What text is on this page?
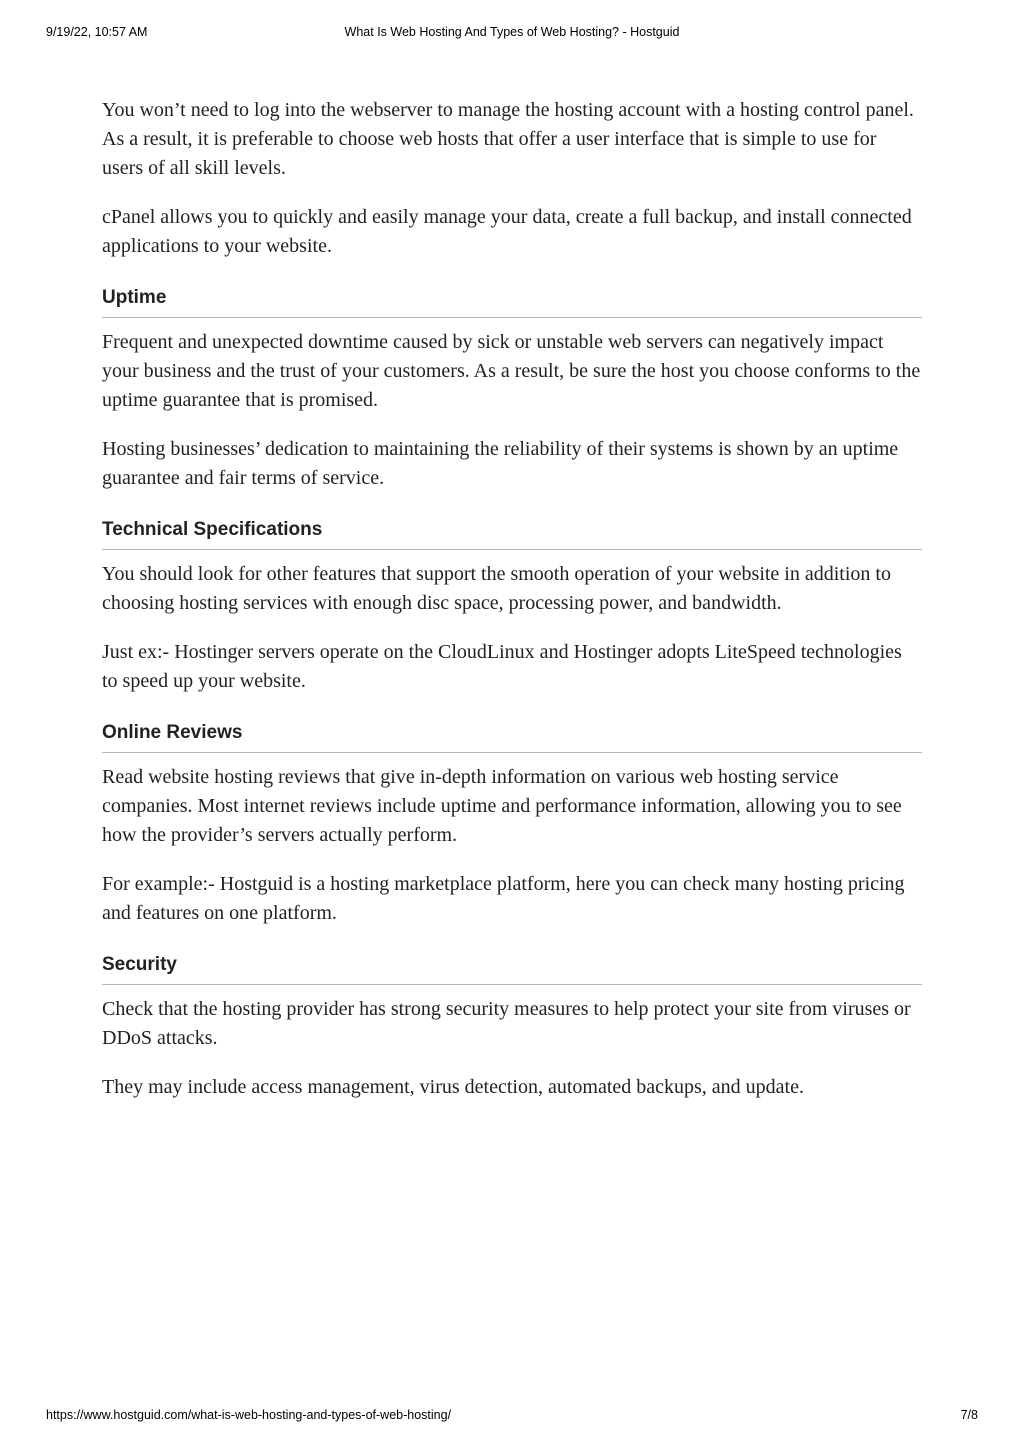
9/19/22, 10:57 AM	What Is Web Hosting And Types of Web Hosting? - Hostguid

You won’t need to log into the webserver to manage the hosting account with a hosting control panel. As a result, it is preferable to choose web hosts that offer a user interface that is simple to use for users of all skill levels.

cPanel allows you to quickly and easily manage your data, create a full backup, and install connected applications to your website.

Uptime

Frequent and unexpected downtime caused by sick or unstable web servers can negatively impact your business and the trust of your customers. As a result, be sure the host you choose conforms to the uptime guarantee that is promised.

Hosting businesses’ dedication to maintaining the reliability of their systems is shown by an uptime guarantee and fair terms of service.

Technical Specifications

You should look for other features that support the smooth operation of your website in addition to choosing hosting services with enough disc space, processing power, and bandwidth.

Just ex:- Hostinger servers operate on the CloudLinux and Hostinger adopts LiteSpeed technologies to speed up your website.

Online Reviews

Read website hosting reviews that give in-depth information on various web hosting service companies. Most internet reviews include uptime and performance information, allowing you to see how the provider’s servers actually perform.

For example:- Hostguid is a hosting marketplace platform, here you can check many hosting pricing and features on one platform.

Security

Check that the hosting provider has strong security measures to help protect your site from viruses or DDoS attacks.

They may include access management, virus detection, automated backups, and update.

https://www.hostguid.com/what-is-web-hosting-and-types-of-web-hosting/	7/8
